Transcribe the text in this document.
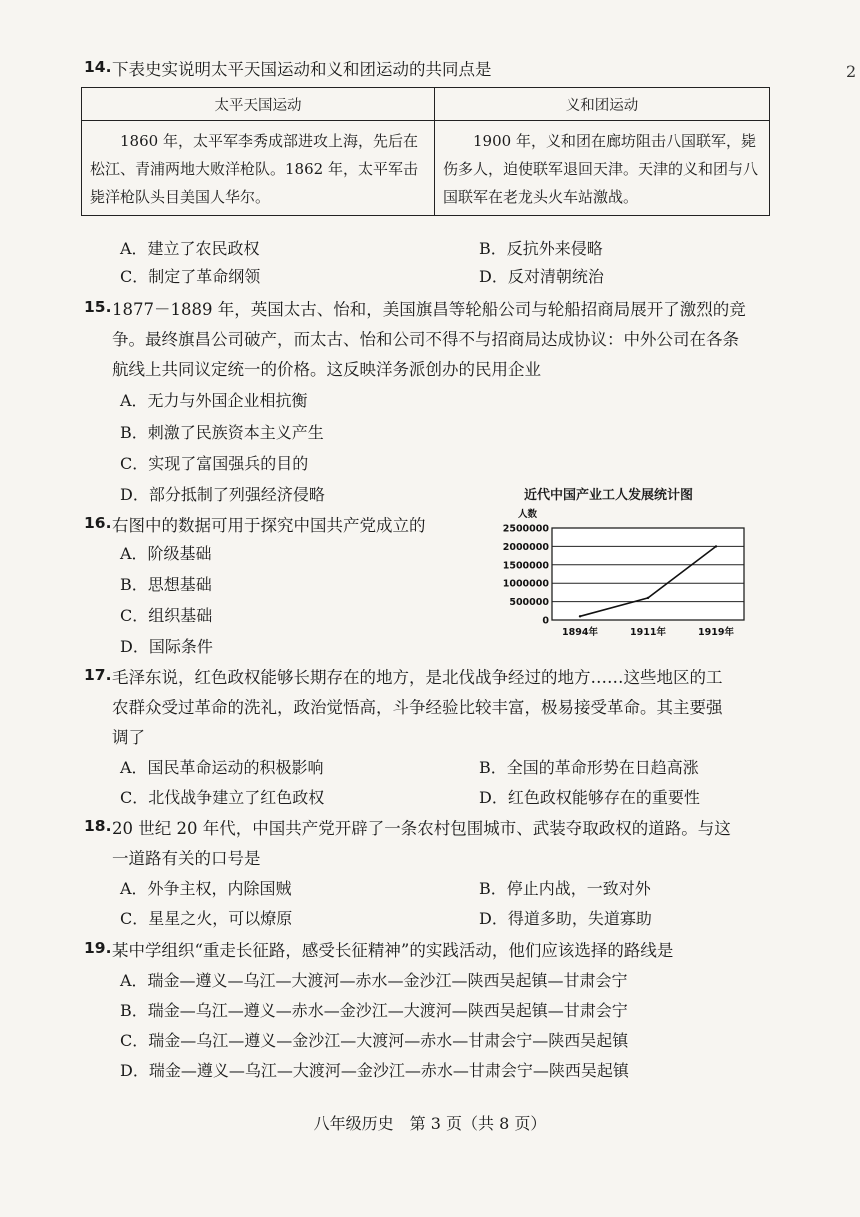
2
14. 下表史实说明太平天国运动和义和团运动的共同点是
太平天国运动	义和团运动
1860 年，太平军李秀成部进攻上海，先后在松江、青浦两地大败洋枪队。1862 年，太平军击毙洋枪队头目美国人华尔。	1900 年，义和团在廊坊阻击八国联军，毙伤多人，迫使联军退回天津。天津的义和团与八国联军在老龙头火车站激战。
A．建立了农民政权	B．反抗外来侵略
C．制定了革命纲领	D．反对清朝统治
15. 1877－1889 年，英国太古、怡和，美国旗昌等轮船公司与轮船招商局展开了激烈的竞
争。最终旗昌公司破产，而太古、怡和公司不得不与招商局达成协议：中外公司在各条
航线上共同议定统一的价格。这反映洋务派创办的民用企业
A．无力与外国企业相抗衡
B．刺激了民族资本主义产生
C．实现了富国强兵的目的
D．部分抵制了列强经济侵略
16. 右图中的数据可用于探究中国共产党成立的
A．阶级基础
B．思想基础
C．组织基础
D．国际条件
近代中国产业工人发展统计图
人数
2500000
2000000
1500000
1000000
500000
0
1894年	1911年	1919年
17. 毛泽东说，红色政权能够长期存在的地方，是北伐战争经过的地方……这些地区的工
农群众受过革命的洗礼，政治觉悟高，斗争经验比较丰富，极易接受革命。其主要强
调了
A．国民革命运动的积极影响	B．全国的革命形势在日趋高涨
C．北伐战争建立了红色政权	D．红色政权能够存在的重要性
18. 20 世纪 20 年代，中国共产党开辟了一条农村包围城市、武装夺取政权的道路。与这
一道路有关的口号是
A．外争主权，内除国贼	B．停止内战，一致对外
C．星星之火，可以燎原	D．得道多助，失道寡助
19. 某中学组织“重走长征路，感受长征精神”的实践活动，他们应该选择的路线是
A．瑞金—遵义—乌江—大渡河—赤水—金沙江—陕西吴起镇—甘肃会宁
B．瑞金—乌江—遵义—赤水—金沙江—大渡河—陕西吴起镇—甘肃会宁
C．瑞金—乌江—遵义—金沙江—大渡河—赤水—甘肃会宁—陕西吴起镇
D．瑞金—遵义—乌江—大渡河—金沙江—赤水—甘肃会宁—陕西吴起镇
八年级历史　第 3 页（共 8 页）
